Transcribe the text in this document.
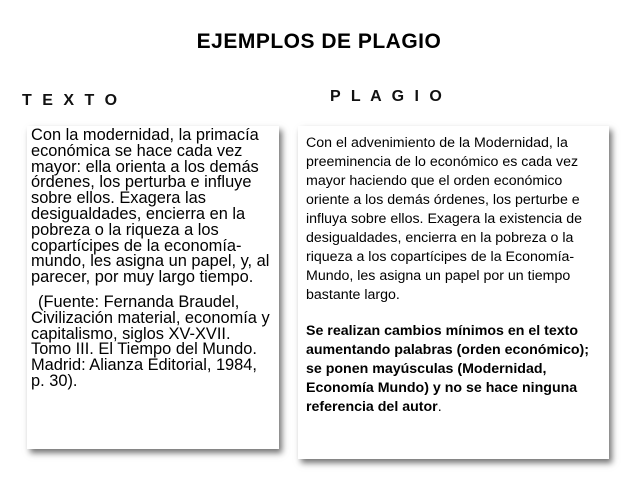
EJEMPLOS DE PLAGIO
T E X T O	P L A G I O

Con la modernidad, la primacía económica se hace cada vez mayor: ella orienta a los demás órdenes, los perturba e influye sobre ellos. Exagera las desigualdades, encierra en la pobreza o la riqueza a los copartícipes de la economía-mundo, les asigna un papel, y, al parecer, por muy largo tiempo.

(Fuente: Fernanda Braudel, Civilización material, economía y capitalismo, siglos XV-XVII. Tomo III. El Tiempo del Mundo. Madrid: Alianza Editorial, 1984, p. 30).

Con el advenimiento de la Modernidad, la preeminencia de lo económico es cada vez mayor haciendo que el orden económico oriente a los demás órdenes, los perturbe e influya sobre ellos. Exagera la existencia de desigualdades, encierra en la pobreza o la riqueza a los copartícipes de la Economía-Mundo, les asigna un papel por un tiempo bastante largo.

Se realizan cambios mínimos en el texto aumentando palabras (orden económico); se ponen mayúsculas (Modernidad, Economía Mundo) y no se hace ninguna referencia del autor.
